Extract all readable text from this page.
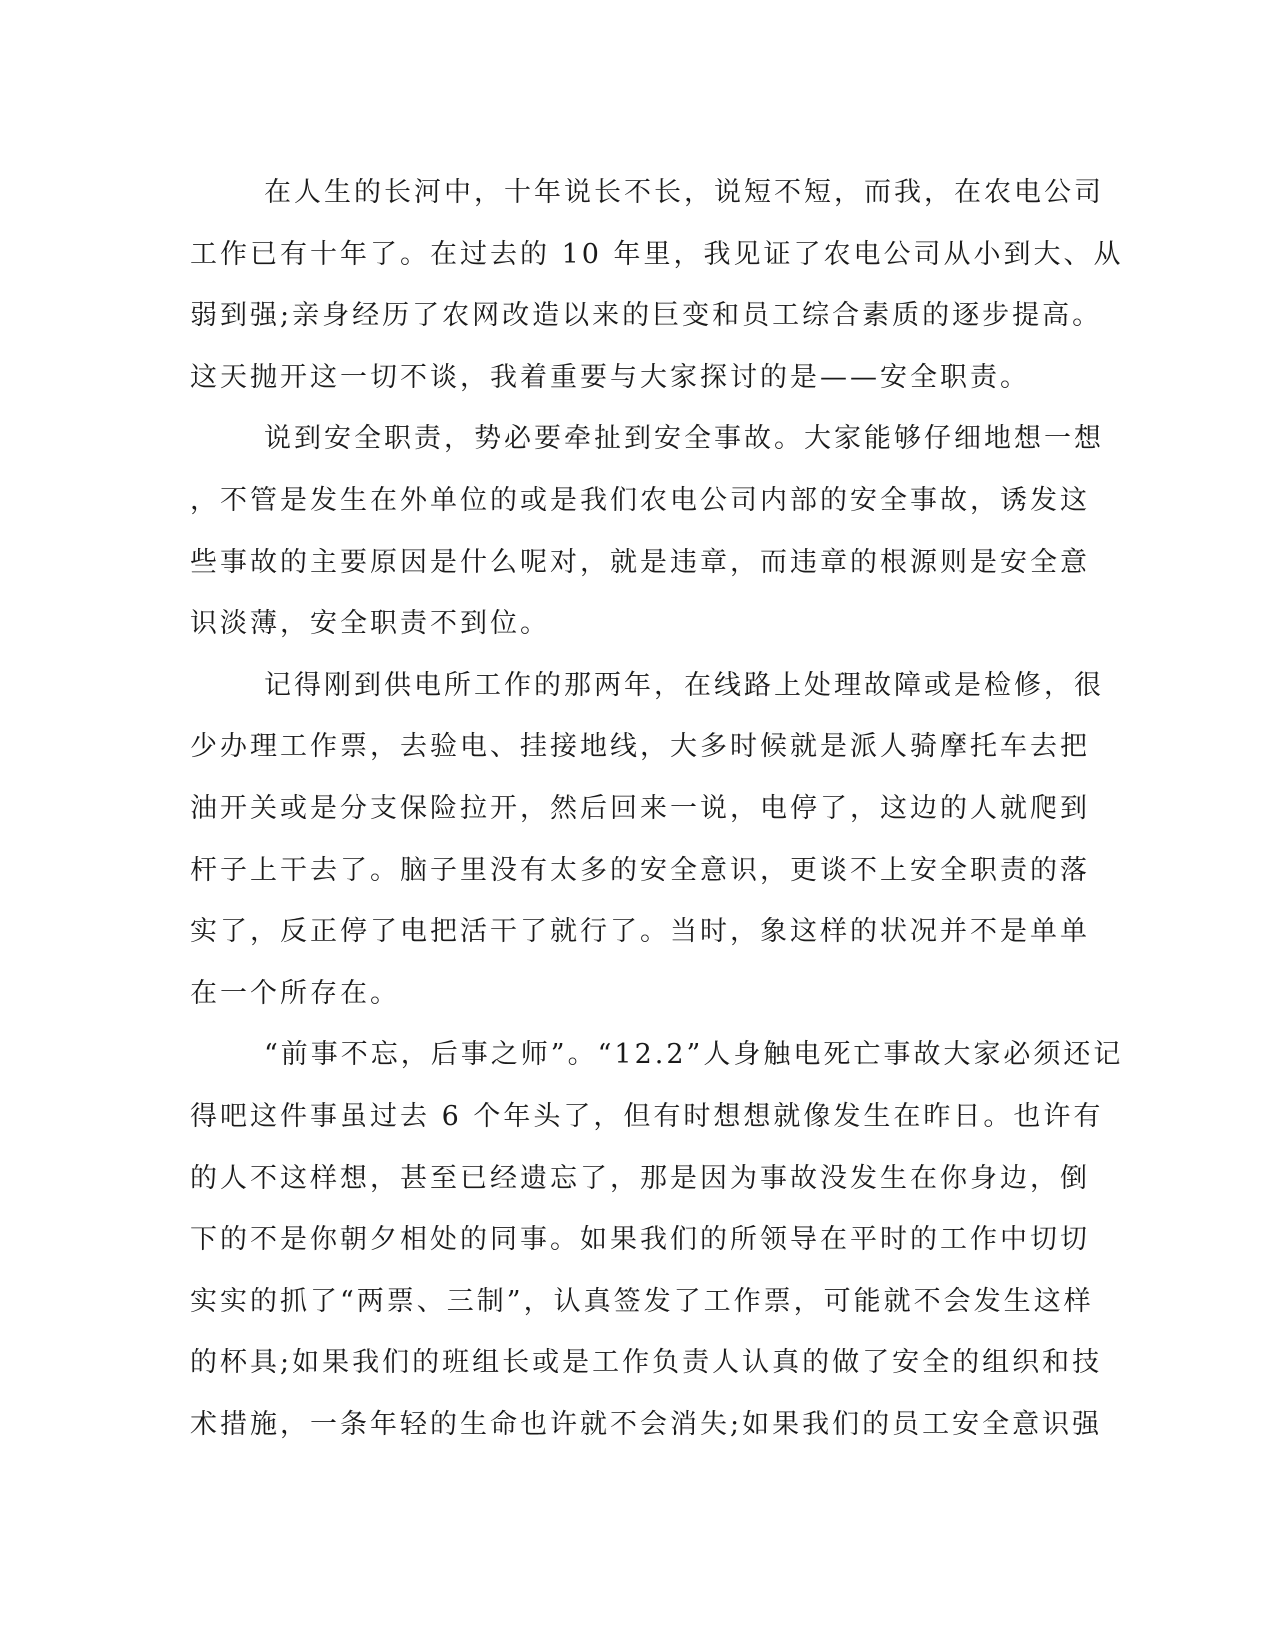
在人生的长河中，十年说长不长，说短不短，而我，在农电公司
工作已有十年了。在过去的 10 年里，我见证了农电公司从小到大、从
弱到强;亲身经历了农网改造以来的巨变和员工综合素质的逐步提高。
这天抛开这一切不谈，我着重要与大家探讨的是——安全职责。
说到安全职责，势必要牵扯到安全事故。大家能够仔细地想一想
，不管是发生在外单位的或是我们农电公司内部的安全事故，诱发这
些事故的主要原因是什么呢对，就是违章，而违章的根源则是安全意
识淡薄，安全职责不到位。
记得刚到供电所工作的那两年，在线路上处理故障或是检修，很
少办理工作票，去验电、挂接地线，大多时候就是派人骑摩托车去把
油开关或是分支保险拉开，然后回来一说，电停了，这边的人就爬到
杆子上干去了。脑子里没有太多的安全意识，更谈不上安全职责的落
实了，反正停了电把活干了就行了。当时，象这样的状况并不是单单
在一个所存在。
“前事不忘，后事之师”。“12.2”人身触电死亡事故大家必须还记
得吧这件事虽过去 6 个年头了，但有时想想就像发生在昨日。也许有
的人不这样想，甚至已经遗忘了，那是因为事故没发生在你身边，倒
下的不是你朝夕相处的同事。如果我们的所领导在平时的工作中切切
实实的抓了“两票、三制”，认真签发了工作票，可能就不会发生这样
的杯具;如果我们的班组长或是工作负责人认真的做了安全的组织和技
术措施，一条年轻的生命也许就不会消失;如果我们的员工安全意识强
